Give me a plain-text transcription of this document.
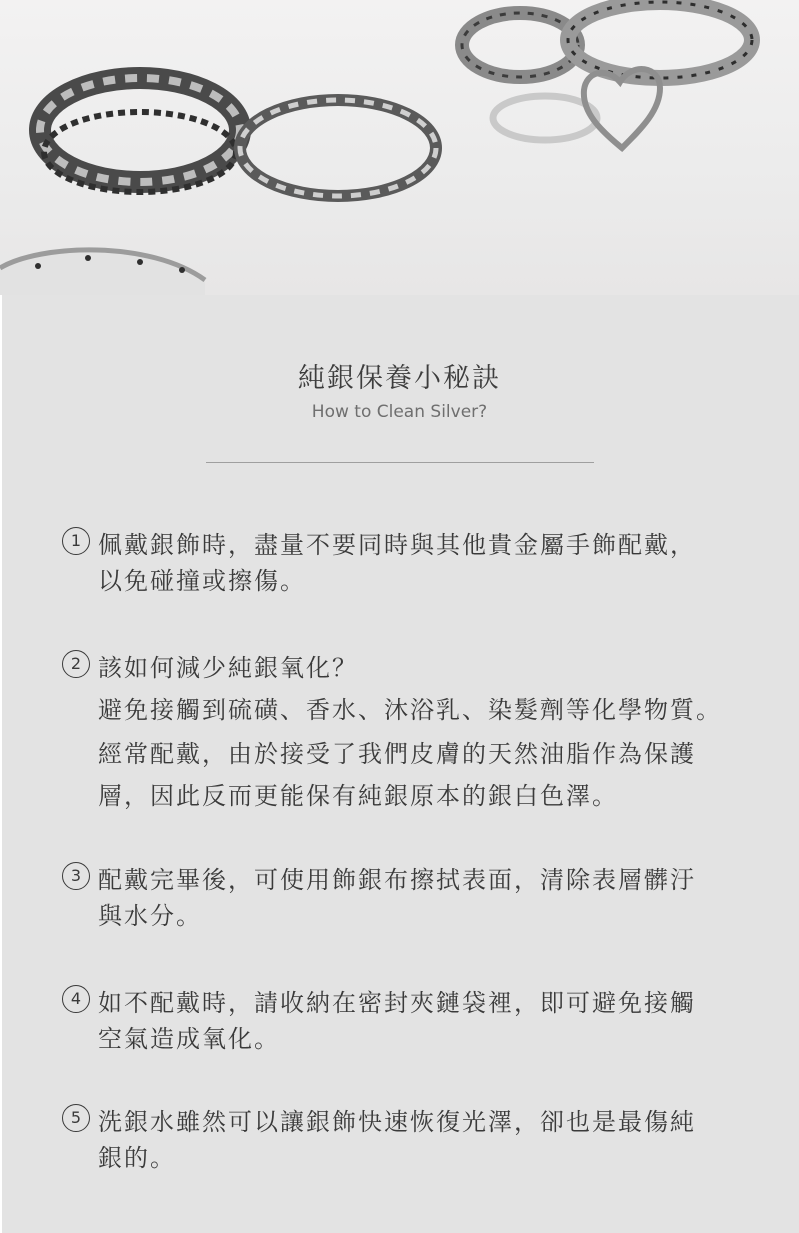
純銀保養小秘訣
How to Clean Silver?
1 佩戴銀飾時，盡量不要同時與其他貴金屬手飾配戴，
以免碰撞或擦傷。
2 該如何減少純銀氧化？
避免接觸到硫磺、香水、沐浴乳、染髮劑等化學物質。
經常配戴，由於接受了我們皮膚的天然油脂作為保護
層，因此反而更能保有純銀原本的銀白色澤。
3 配戴完畢後，可使用飾銀布擦拭表面，清除表層髒汙
與水分。
4 如不配戴時，請收納在密封夾鏈袋裡，即可避免接觸
空氣造成氧化。
5 洗銀水雖然可以讓銀飾快速恢復光澤，卻也是最傷純
銀的。
